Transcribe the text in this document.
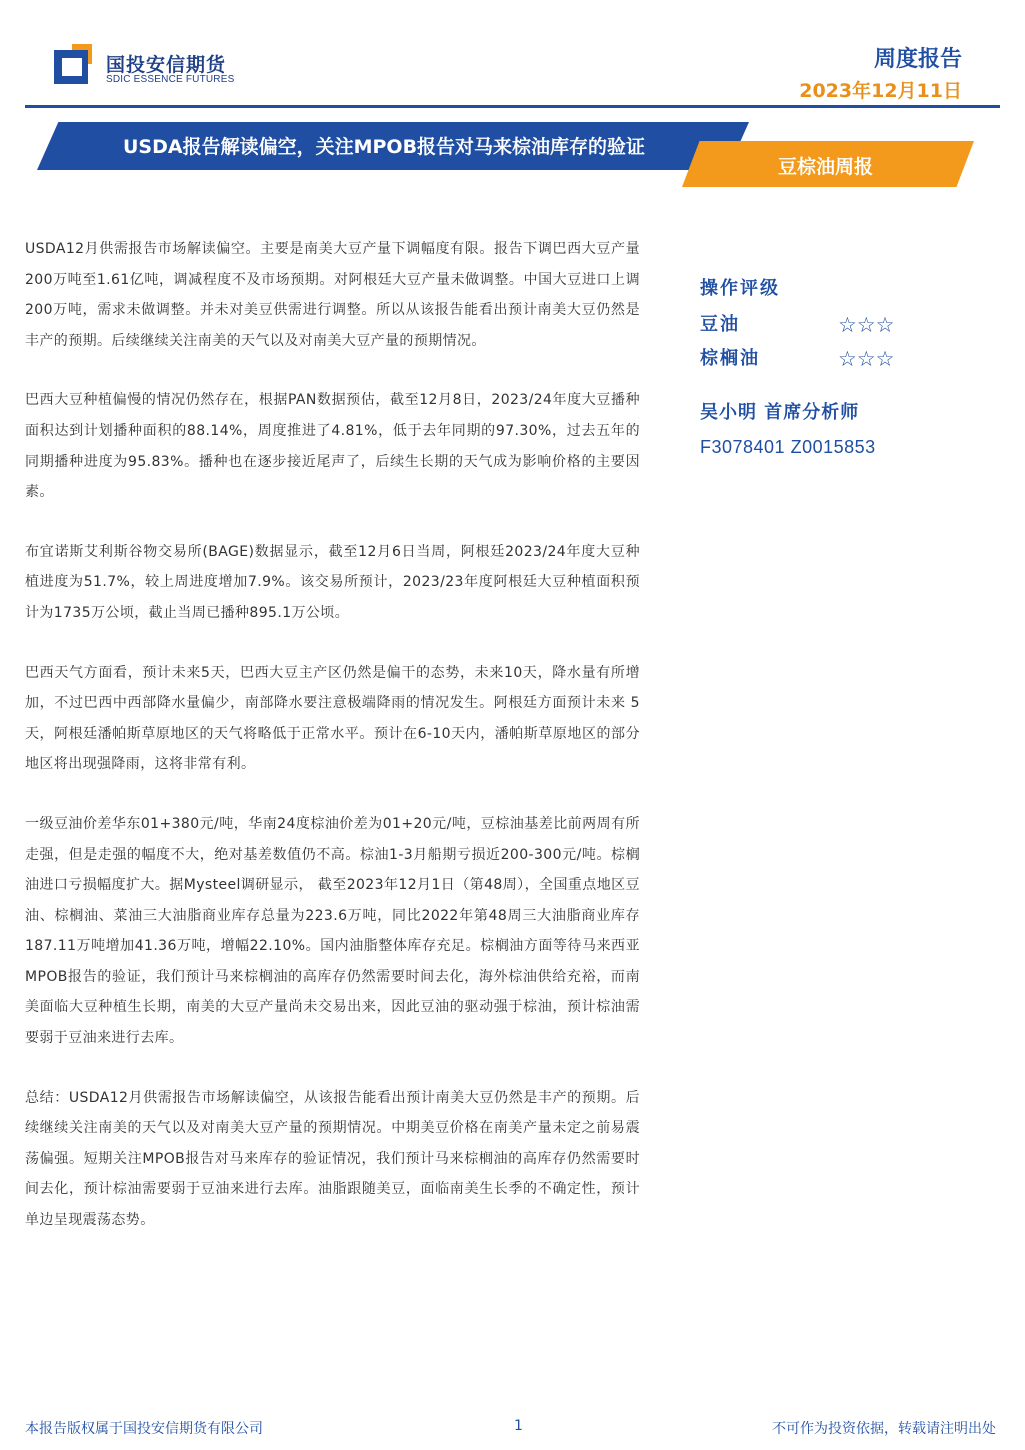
国投安信期货
SDIC ESSENCE FUTURES
周度报告
2023年12月11日
USDA报告解读偏空，关注MPOB报告对马来棕油库存的验证
豆棕油周报

USDA12月供需报告市场解读偏空。主要是南美大豆产量下调幅度有限。报告下调巴西大豆产量200万吨至1.61亿吨，调减程度不及市场预期。对阿根廷大豆产量未做调整。中国大豆进口上调200万吨，需求未做调整。并未对美豆供需进行调整。所以从该报告能看出预计南美大豆仍然是丰产的预期。后续继续关注南美的天气以及对南美大豆产量的预期情况。

巴西大豆种植偏慢的情况仍然存在，根据PAN数据预估，截至12月8日，2023/24年度大豆播种面积达到计划播种面积的88.14%，周度推进了4.81%，低于去年同期的97.30%，过去五年的同期播种进度为95.83%。播种也在逐步接近尾声了，后续生长期的天气成为影响价格的主要因素。

布宜诺斯艾利斯谷物交易所(BAGE)数据显示，截至12月6日当周，阿根廷2023/24年度大豆种植进度为51.7%，较上周进度增加7.9%。该交易所预计，2023/23年度阿根廷大豆种植面积预计为1735万公顷，截止当周已播种895.1万公顷。

巴西天气方面看，预计未来5天，巴西大豆主产区仍然是偏干的态势，未来10天，降水量有所增加，不过巴西中西部降水量偏少，南部降水要注意极端降雨的情况发生。阿根廷方面预计未来 5 天，阿根廷潘帕斯草原地区的天气将略低于正常水平。预计在6-10天内，潘帕斯草原地区的部分地区将出现强降雨，这将非常有利。

一级豆油价差华东01+380元/吨，华南24度棕油价差为01+20元/吨，豆棕油基差比前两周有所走强，但是走强的幅度不大，绝对基差数值仍不高。棕油1-3月船期亏损近200-300元/吨。棕榈油进口亏损幅度扩大。据Mysteel调研显示， 截至2023年12月1日（第48周），全国重点地区豆油、棕榈油、菜油三大油脂商业库存总量为223.6万吨，同比2022年第48周三大油脂商业库存187.11万吨增加41.36万吨，增幅22.10%。国内油脂整体库存充足。棕榈油方面等待马来西亚MPOB报告的验证，我们预计马来棕榈油的高库存仍然需要时间去化，海外棕油供给充裕，而南美面临大豆种植生长期，南美的大豆产量尚未交易出来，因此豆油的驱动强于棕油，预计棕油需要弱于豆油来进行去库。

总结：USDA12月供需报告市场解读偏空，从该报告能看出预计南美大豆仍然是丰产的预期。后续继续关注南美的天气以及对南美大豆产量的预期情况。中期美豆价格在南美产量未定之前易震荡偏强。短期关注MPOB报告对马来库存的验证情况，我们预计马来棕榈油的高库存仍然需要时间去化，预计棕油需要弱于豆油来进行去库。油脂跟随美豆，面临南美生长季的不确定性，预计单边呈现震荡态势。

操作评级
豆油	☆☆☆
棕榈油	☆☆☆
吴小明 首席分析师
F3078401 Z0015853
本报告版权属于国投安信期货有限公司	1	不可作为投资依据，转载请注明出处
